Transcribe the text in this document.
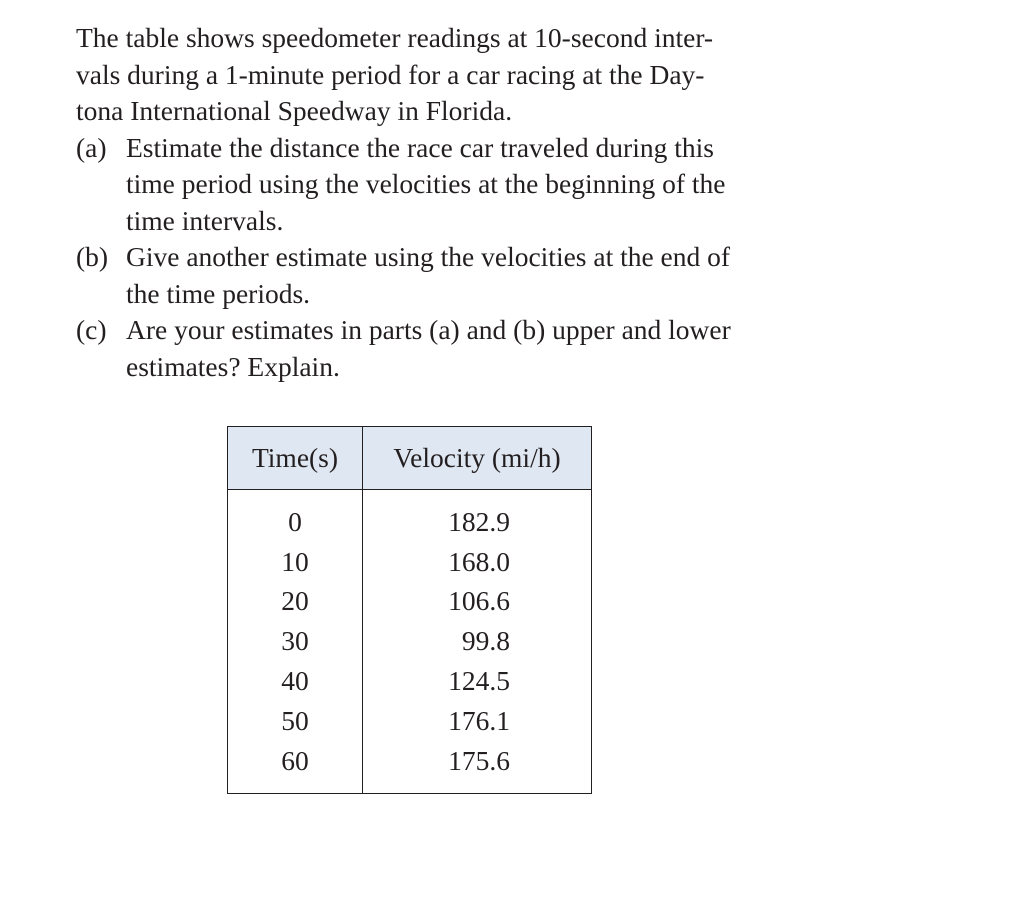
The table shows speedometer readings at 10-second inter-
vals during a 1-minute period for a car racing at the Day-
tona International Speedway in Florida.
(a) Estimate the distance the race car traveled during this
time period using the velocities at the beginning of the
time intervals.
(b) Give another estimate using the velocities at the end of
the time periods.
(c) Are your estimates in parts (a) and (b) upper and lower
estimates? Explain.
Time(s)	Velocity (mi/h)
0	182.9
10	168.0
20	106.6
30	99.8
40	124.5
50	176.1
60	175.6
